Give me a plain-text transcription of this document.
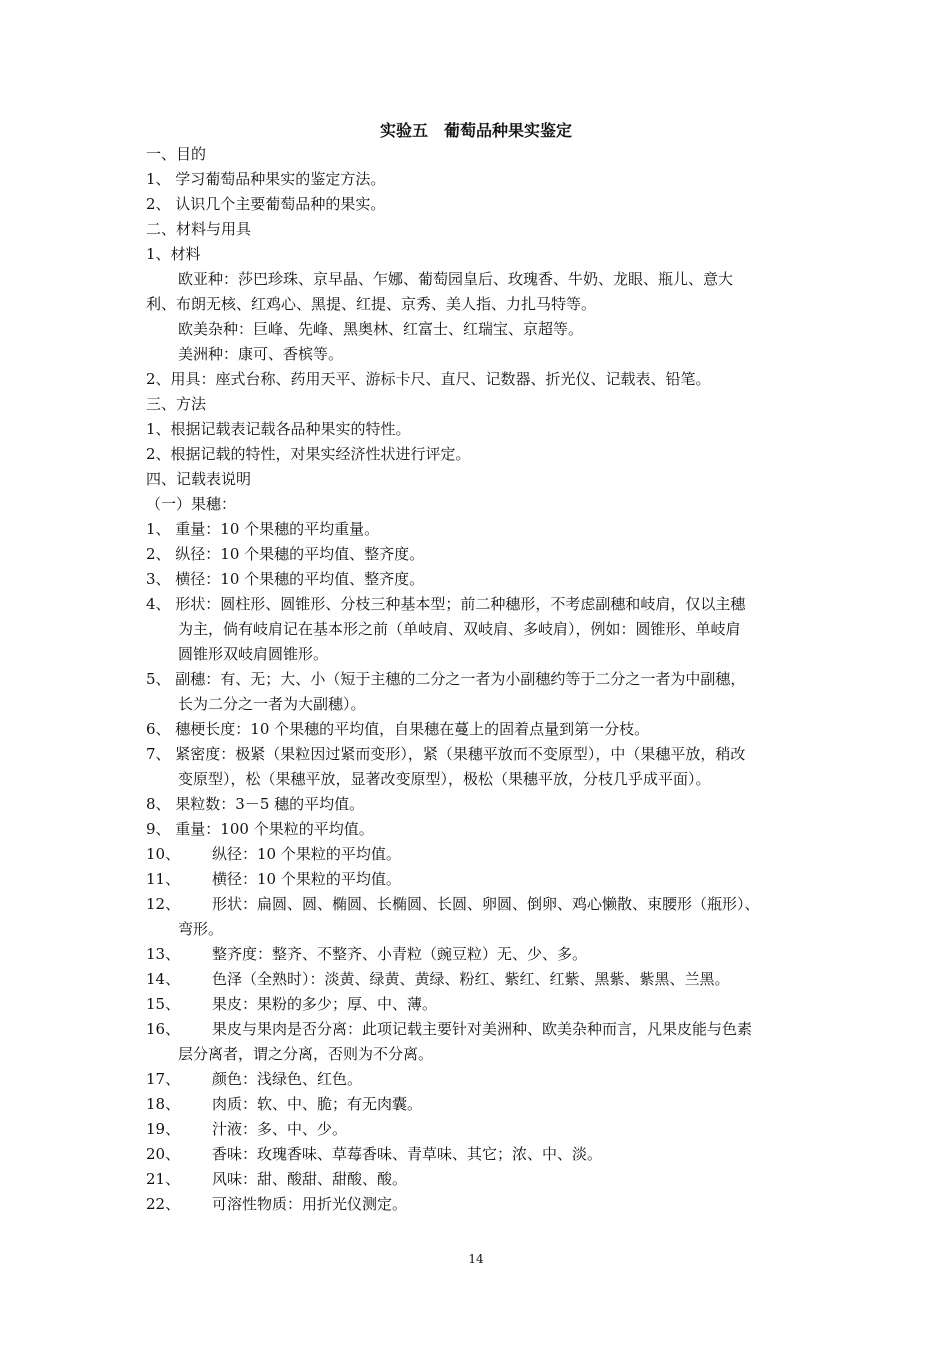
实验五　葡萄品种果实鉴定
一、目的
1、 学习葡萄品种果实的鉴定方法。
2、 认识几个主要葡萄品种的果实。
二、材料与用具
1、材料
欧亚种：莎巴珍珠、京早晶、乍娜、葡萄园皇后、玫瑰香、牛奶、龙眼、瓶儿、意大
利、布朗无核、红鸡心、黑提、红提、京秀、美人指、力扎马特等。
欧美杂种：巨峰、先峰、黑奥林、红富士、红瑞宝、京超等。
美洲种：康可、香槟等。
2、用具：座式台称、药用天平、游标卡尺、直尺、记数器、折光仪、记载表、铅笔。
三、方法
1、根据记载表记载各品种果实的特性。
2、根据记载的特性，对果实经济性状进行评定。
四、记载表说明
（一）果穗：
1、 重量：10 个果穗的平均重量。
2、 纵径：10 个果穗的平均值、整齐度。
3、 横径：10 个果穗的平均值、整齐度。
4、 形状：圆柱形、圆锥形、分枝三种基本型；前二种穗形，不考虑副穗和岐肩，仅以主穗
为主，倘有岐肩记在基本形之前（单岐肩、双岐肩、多岐肩），例如：圆锥形、单岐肩
圆锥形双岐肩圆锥形。
5、 副穗：有、无；大、小（短于主穗的二分之一者为小副穗约等于二分之一者为中副穗，
长为二分之一者为大副穗）。
6、 穗梗长度：10 个果穗的平均值，自果穗在蔓上的固着点量到第一分枝。
7、 紧密度：极紧（果粒因过紧而变形），紧（果穗平放而不变原型），中（果穗平放，稍改
变原型），松（果穗平放，显著改变原型），极松（果穗平放，分枝几乎成平面）。
8、 果粒数：3－5 穗的平均值。
9、 重量：100 个果粒的平均值。
10、 纵径：10 个果粒的平均值。
11、 横径：10 个果粒的平均值。
12、 形状：扁圆、圆、椭圆、长椭圆、长圆、卵圆、倒卵、鸡心懒散、束腰形（瓶形）、
弯形。
13、 整齐度：整齐、不整齐、小青粒（豌豆粒）无、少、多。
14、 色泽（全熟时）：淡黄、绿黄、黄绿、粉红、紫红、红紫、黑紫、紫黑、兰黑。
15、 果皮：果粉的多少；厚、中、薄。
16、 果皮与果肉是否分离：此项记载主要针对美洲种、欧美杂种而言，凡果皮能与色素
层分离者，谓之分离，否则为不分离。
17、 颜色：浅绿色、红色。
18、 肉质：软、中、脆；有无肉囊。
19、 汁液：多、中、少。
20、 香味：玫瑰香味、草莓香味、青草味、其它；浓、中、淡。
21、 风味：甜、酸甜、甜酸、酸。
22、 可溶性物质：用折光仪测定。
14
